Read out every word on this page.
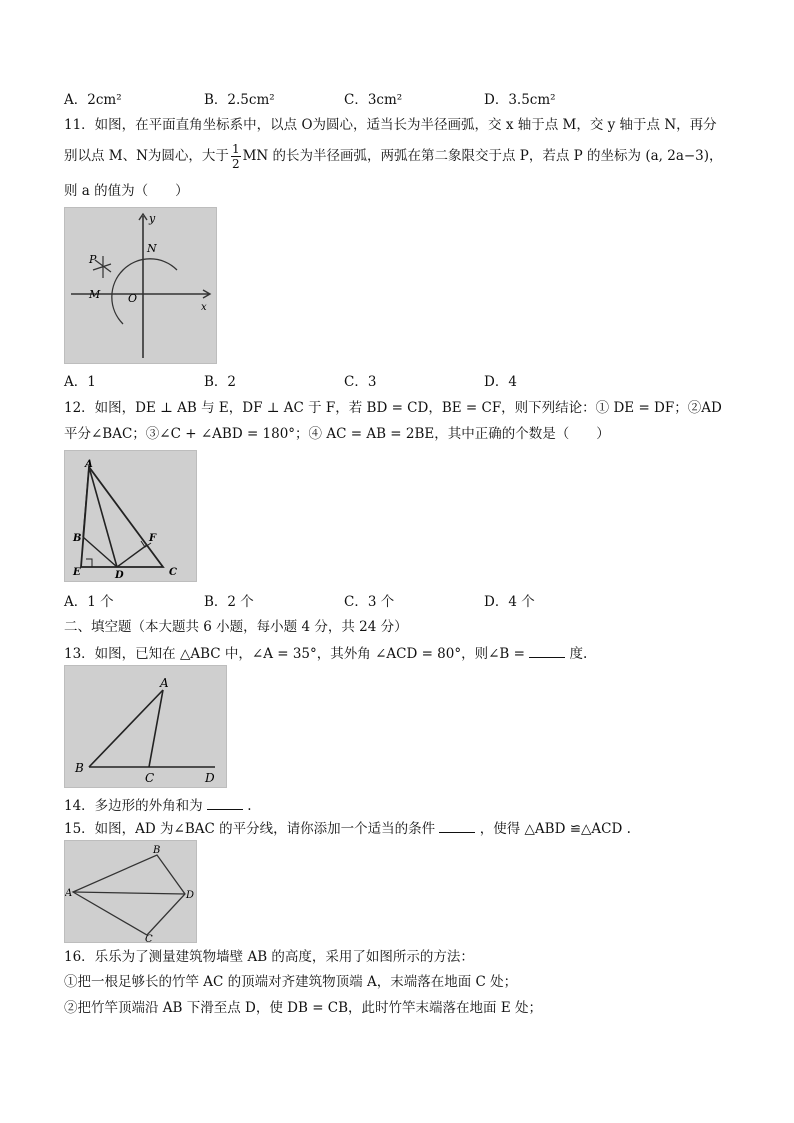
A．2cm²	B．2.5cm²	C．3cm²	D．3.5cm²
11．如图，在平面直角坐标系中，以点 O为圆心，适当长为半径画弧，交 x 轴于点 M，交 y 轴于点 N，再分
别以点 M、N为圆心，大于 $\frac{1}{2}$ MN 的长为半径画弧，两弧在第二象限交于点 P，若点 P 的坐标为 (a, 2a−3)，
则 a 的值为（　　）
y
x
P
N
M	O
A．1	B．2	C．3	D．4
12．如图，DE ⊥ AB 与 E，DF ⊥ AC 于 F，若 BD = CD，BE = CF，则下列结论：① DE = DF；②AD
平分∠BAC；③∠C + ∠ABD = 180°；④ AC = AB = 2BE，其中正确的个数是（　　）
A
B
E	D	C
F
A．1 个	B．2 个	C．3 个	D．4 个
二、填空题（本大题共 6 小题，每小题 4 分，共 24 分）
13．如图，已知在 △ABC 中，∠A = 35°，其外角 ∠ACD = 80°，则∠B =	度.
A
B
C	D
14．多边形的外角和为	.
15．如图，AD 为∠BAC 的平分线，请你添加一个适当的条件	，使得 △ABD ≌△ACD .
B
A	D
C
16．乐乐为了测量建筑物墙壁 AB 的高度，采用了如图所示的方法：
①把一根足够长的竹竿 AC 的顶端对齐建筑物顶端 A，末端落在地面 C 处；
②把竹竿顶端沿 AB 下滑至点 D，使 DB = CB，此时竹竿末端落在地面 E 处；
